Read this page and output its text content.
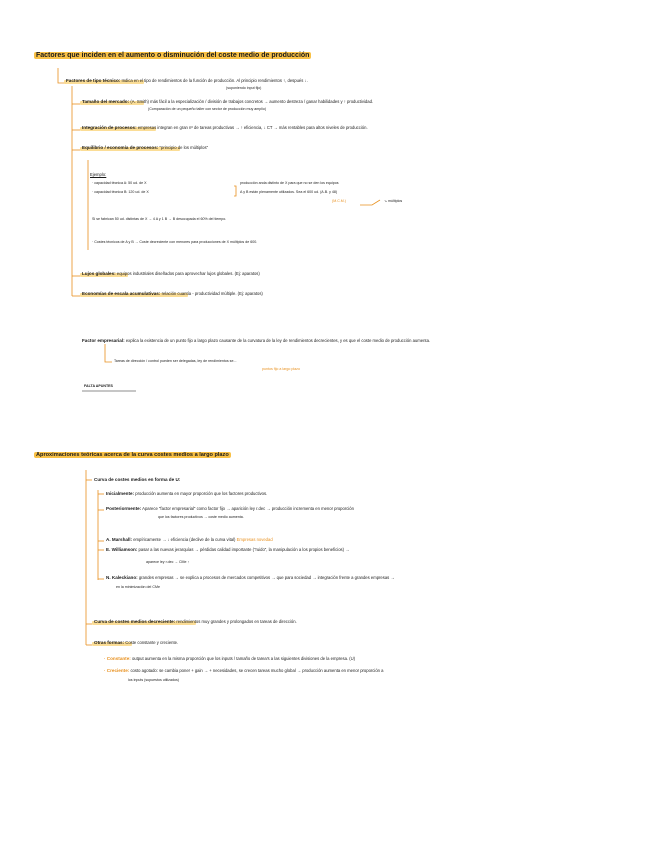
Factores que inciden en el aumento o disminución del coste medio de producción
Factores de tipo técnico: Indica en el tipo de rendimientos de la función de producción. Al principio rendimientos ↑, después ↓.
(suponiendo input fijo)
Tamaño del mercado: (A. Smith) más fácil a la especialización / división de trabajos concretos → aumento destreza / ganar habilidades y ↑ productividad.
(Comparación de un pequeño taller con sector de producción muy amplio)
Integración de procesos: empresas integran en gran nº de tareas productivas → ↑ eficiencia, ↓ CT → más rentables para altos niveles de producción.
Equilibrio / economía de procesos: "principio de los múltiplos"
Ejemplo:
· capacidad técnica A: 50 ud. de X
· capacidad técnica B: 120 ud. de X
producción anda distinto de X para que no se den los equipos
A y B están plenamente utilizados. Sea el 600 ud. (A.B. y 48)
(M.C.M.)	↘ múltiplos
Si se fabrican 50 ud. distintas de X → 4 A y 1 B → B desocupada el 60% del tiempo.
· Costes técnicos de A y B → Coste decreciente con menores para producciones de X múltiplos de 600.
Lujos globales: equipos industriales diseñados para aprovechar lujos globales. (Ej: aparatos)
Economías de escala acumulativas: relación cuantía - productividad múltiple. (Ej: aparatos)
Factor empresarial: explica la existencia de un punto fijo a largo plazo causante de la curvatura de la ley de rendimientos decrecientes, y es que el coste medio de producción aumenta.
Tareas de dirección / control pueden ser delegadas, ley de rendimientos se...
puntos fijo a largo plazo
FALTA APUNTES
Aproximaciones teóricas acerca de la curva costes medios a largo plazo
Curva de costes medios en forma de U:
Inicialmente: producción aumenta en mayor proporción que los factores productivos.
Posteriormente: Aparece "factor empresarial" como factor fijo → aparición ley r.dec → producción incrementa en menor proporción
que los factores productivos → coste medio aumenta.
A. Marshall: empíricamente → ↓ eficiencia (declive de la curva vital) Empresas novedad
E. Williamson: pasar a las nuevas jerarquías → pérdidas calidad importante ("ruido", la manipulación a los propios beneficios) →
aparece ley r.dec → CMe ↑
N. Kaleckiano: grandes empresas → se explica a procesos de mercados competitivos → que para sociedad → integración frente a grandes empresas →
en la minimización del CMe
Curva de costes medios decreciente: rendimientos muy grandes y prolongados en tareas de dirección.
Otras formas: Coste constante y creciente.
· Constante: output aumenta en la misma proporción que los inputs / tamaño de tarea's a las siguientes divisiones de la empresa. (U)
· Creciente: costo agotado: se cambia poner + gain → + necesidades, se crecen tareas mucho global → producción aumenta en menor proporción a
los inputs (supuestos utilizados)
